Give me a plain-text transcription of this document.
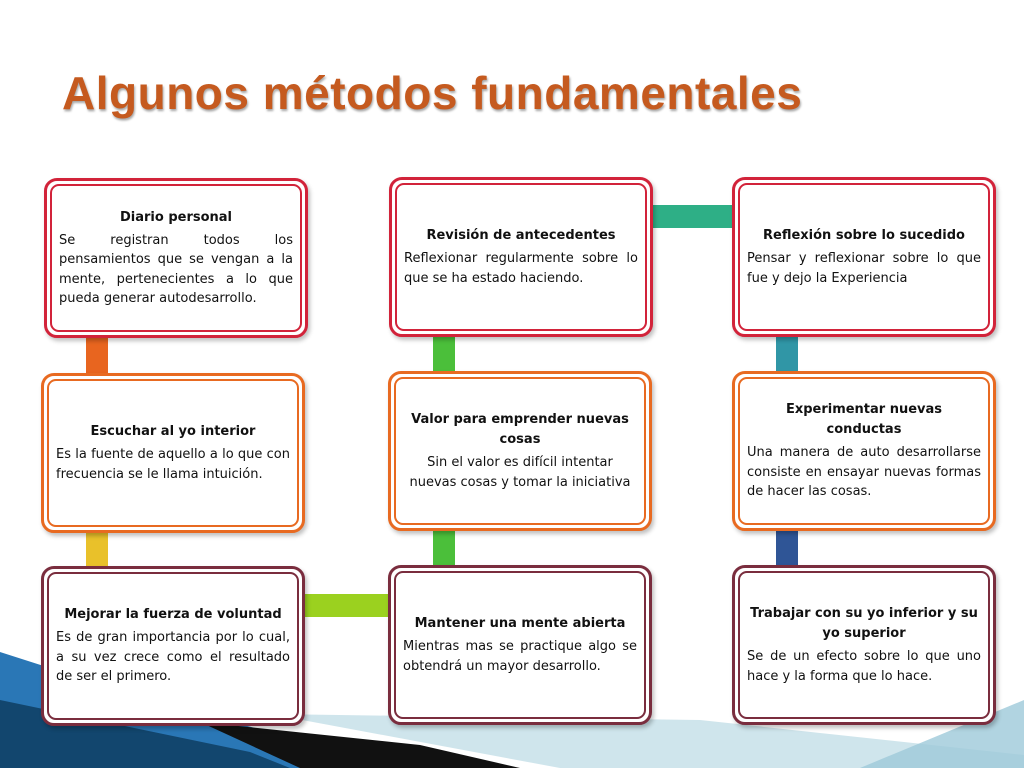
Algunos métodos fundamentales
Diario personal
Se registran todos los pensamientos que se vengan a la mente, pertenecientes a lo que pueda generar autodesarrollo.
Revisión de antecedentes
Reflexionar regularmente sobre lo que se ha estado haciendo.
Reflexión sobre lo sucedido
Pensar y reflexionar sobre lo que fue y dejo la Experiencia
Escuchar al yo interior
Es la fuente de aquello a lo que con frecuencia se le llama intuición.
Valor para emprender nuevas cosas
Sin el valor es difícil intentar nuevas cosas y tomar la iniciativa
Experimentar nuevas conductas
Una manera de auto desarrollarse consiste en ensayar nuevas formas de hacer las cosas.
Mejorar la fuerza de voluntad
Es de gran importancia por lo cual, a su vez crece como el resultado de ser el primero.
Mantener una mente abierta
Mientras mas se practique algo se obtendrá un mayor desarrollo.
Trabajar con su yo inferior y su yo superior
Se de un efecto sobre lo que uno hace y la forma que lo hace.
